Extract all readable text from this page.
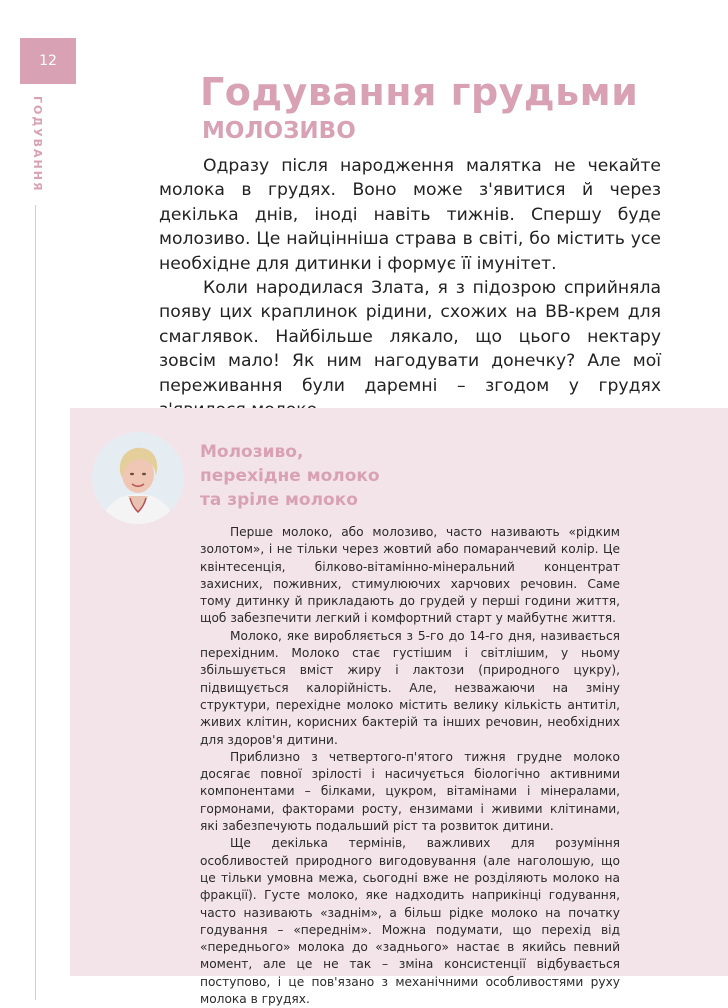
12
ГОДУВАННЯ
Годування грудьми
МОЛОЗИВО

Одразу після народження малятка не чекайте молока в грудях. Воно може з'явитися й через декілька днів, іноді навіть тижнів. Спершу буде молозиво. Це найцінніша страва в світі, бо містить усе необхідне для дитинки і формує її імунітет.

Коли народилася Злата, я з підозрою сприйняла появу цих краплинок рідини, схожих на BB-крем для смаглявок. Найбільше лякало, що цього нектару зовсім мало! Як ним нагодувати донечку? Але мої переживання були даремні – згодом у грудях

Молозиво,
перехідне молоко
та зріле молоко

Перше молоко, або молозиво, часто називають «рідким золотом», і не тільки через жовтий або помаранчевий колір. Це квінтесенція, білково-вітамінно-мінеральний концентрат захисних, поживних, стимулюючих харчових речовин. Саме тому дитинку й прикладають до грудей у перші години життя, щоб забезпечити легкий і комфортний старт у майбутнє життя.

Молоко, яке виробляється з 5-го до 14-го дня, називається перехідним. Молоко стає густішим і світлішим, у ньому збільшується вміст жиру і лактози (природного цукру), підвищується калорійність. Але, незважаючи на зміну структури, перехідне молоко містить велику кількість антитіл, живих клітин, корисних бактерій та інших речовин, необхідних для здоров'я дитини.

Приблизно з четвертого-п'ятого тижня грудне молоко досягає повної зрілості і насичується біологічно активними компонентами – білками, цукром, вітамінами і мінералами, гормонами, факторами росту, ензимами і живими клітинами, які забезпечують подальший ріст та розвиток дитини.

Ще декілька термінів, важливих для розуміння особливостей природного вигодовування (але наголошую, що це тільки умовна межа, сьогодні вже не розділяють молоко на фракції). Густе молоко, яке надходить наприкінці годування, часто називають «заднім», а більш рідке молоко на початку годування – «переднім». Можна подумати, що перехід від «переднього» молока до «заднього» настає в якийсь певний момент, але це не так – зміна консистенції відбувається поступово, і це пов'язано з механічними особливостями руху молока в грудях.
